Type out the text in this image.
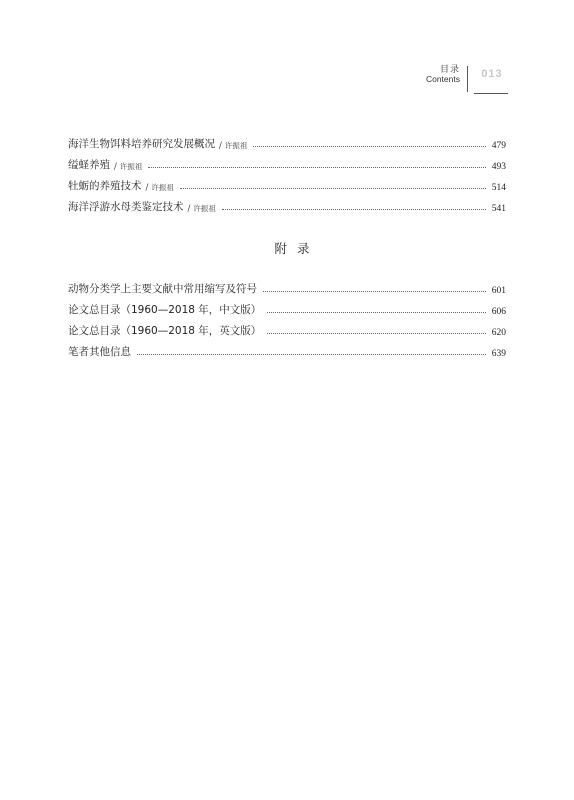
目录
Contents	013
海洋生物饵料培养研究发展概况 / 许振祖	479
缢蛏养殖 / 许振祖	493
牡蛎的养殖技术 / 许振祖	514
海洋浮游水母类鉴定技术 / 许振祖	541
附录
动物分类学上主要文献中常用缩写及符号	601
论文总目录（1960—2018 年，中文版）	606
论文总目录（1960—2018 年，英文版）	620
笔者其他信息	639
